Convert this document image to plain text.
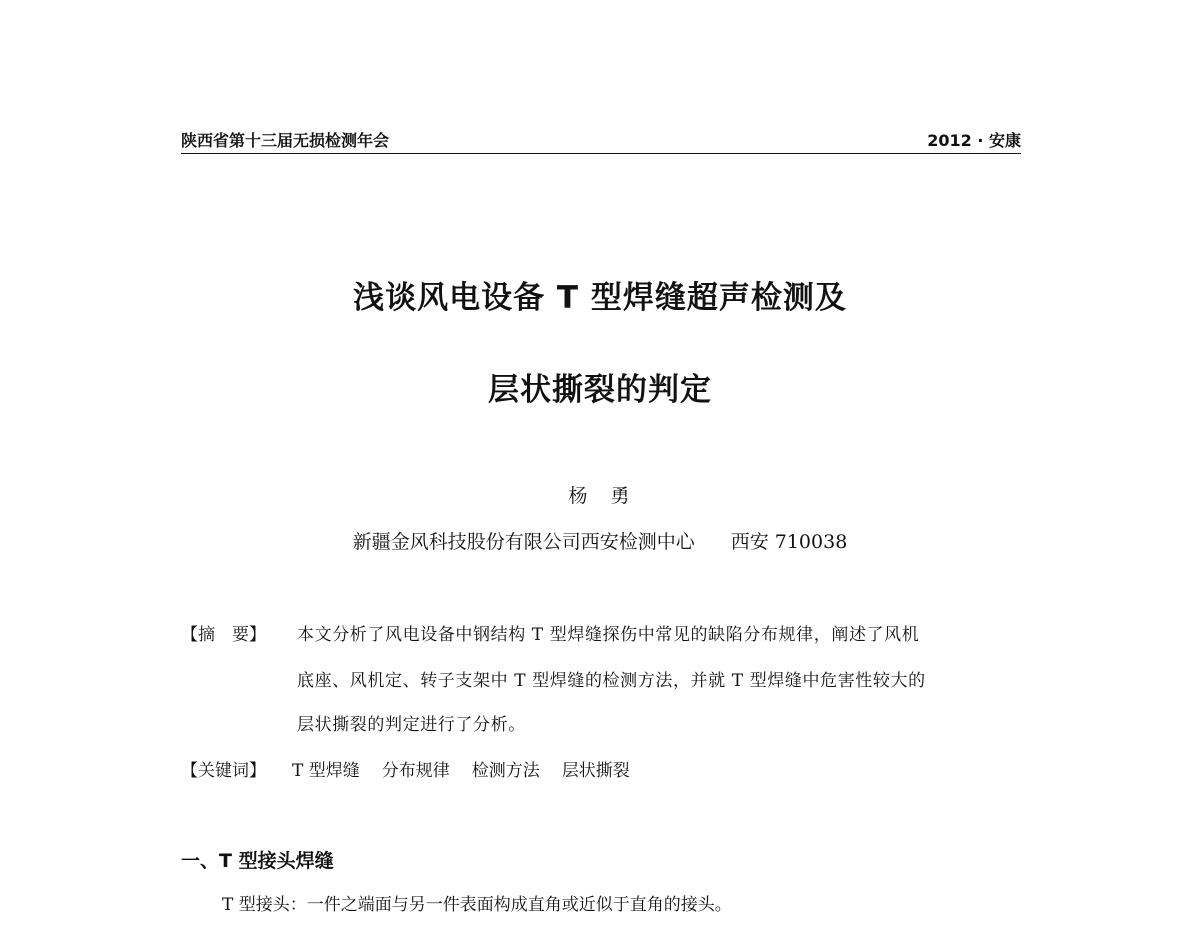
陕西省第十三届无损检测年会	2012 · 安康
浅谈风电设备 T 型焊缝超声检测及
层状撕裂的判定
杨　勇
新疆金风科技股份有限公司西安检测中心 西安 710038
【摘　要】 本文分析了风电设备中钢结构 T 型焊缝探伤中常见的缺陷分布规律，阐述了风机
底座、风机定、转子支架中 T 型焊缝的检测方法，并就 T 型焊缝中危害性较大的
层状撕裂的判定进行了分析。
【关键词】 T 型焊缝 分布规律 检测方法 层状撕裂
一、T 型接头焊缝
T 型接头：一件之端面与另一件表面构成直角或近似于直角的接头。
